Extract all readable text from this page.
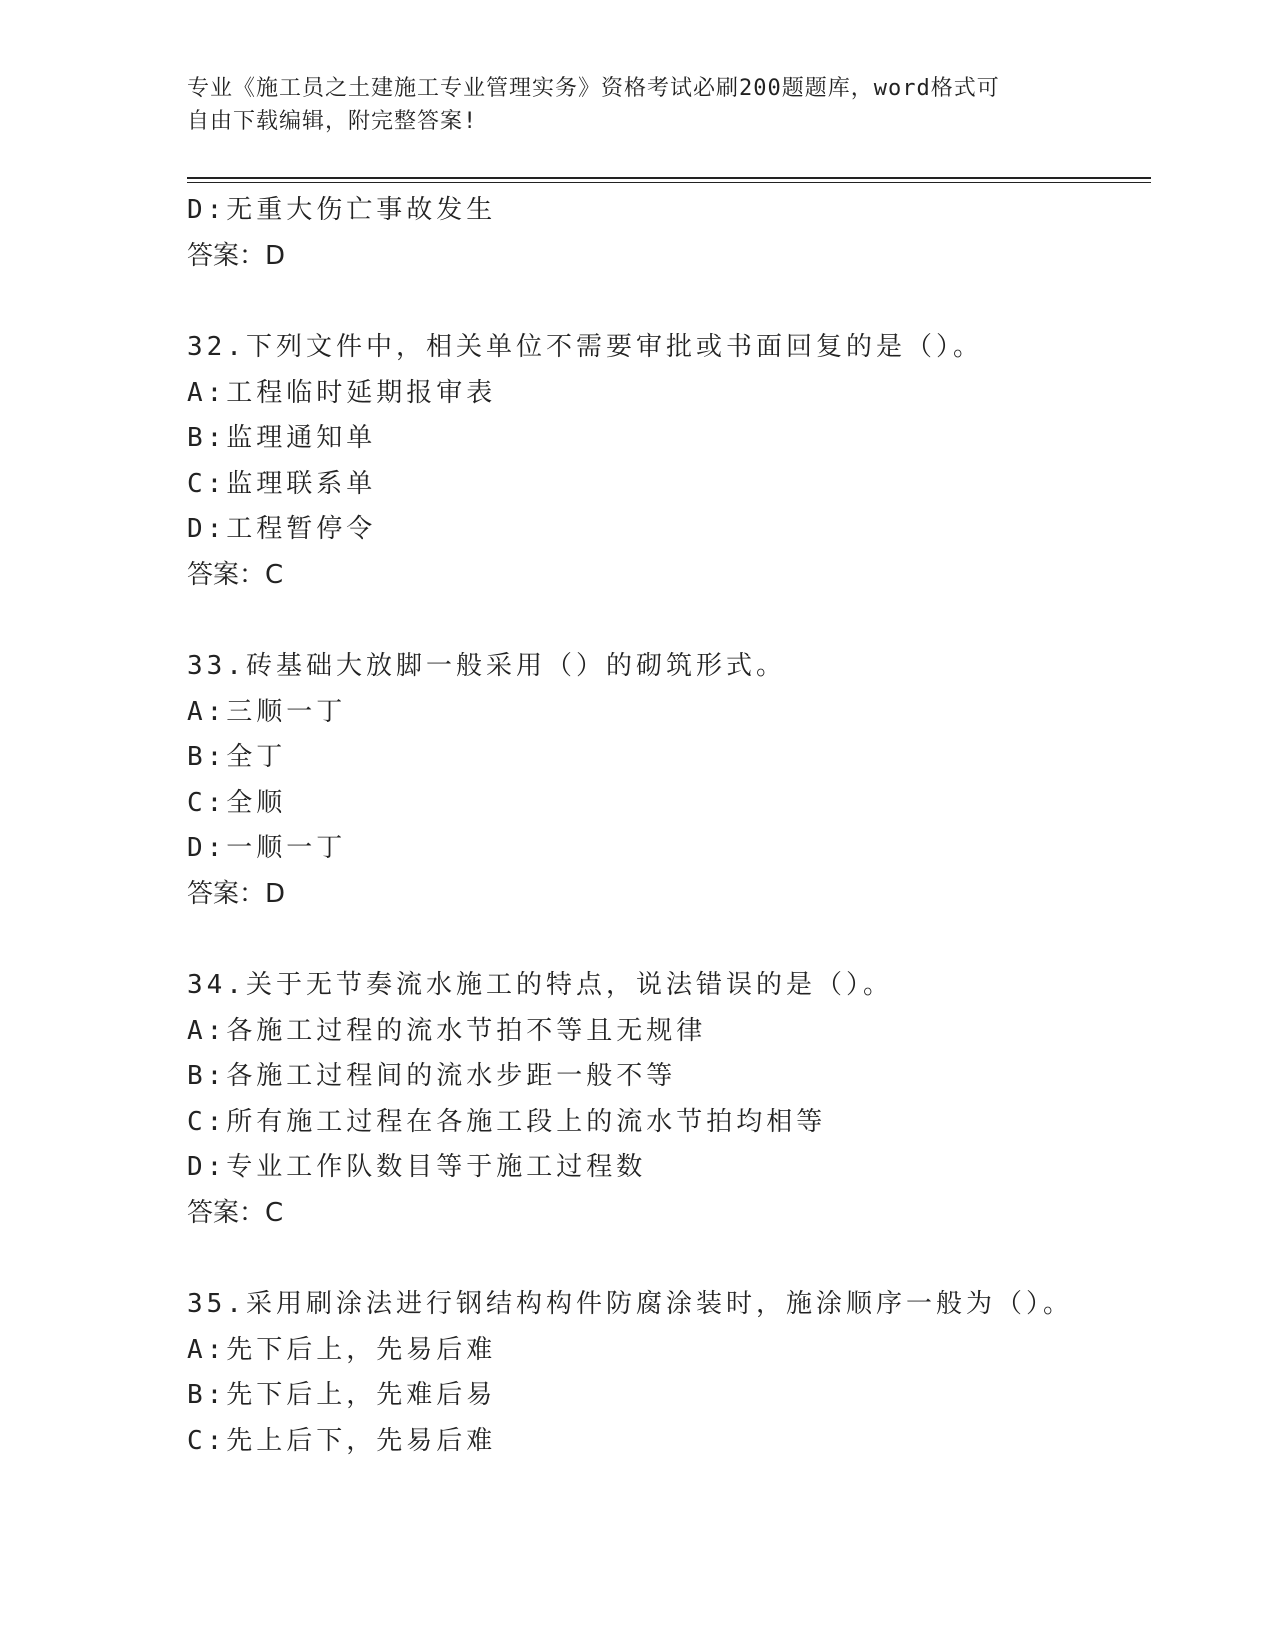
专业《施工员之土建施工专业管理实务》资格考试必刷200题题库，word格式可
自由下载编辑，附完整答案!
D:无重大伤亡事故发生
答案：D
32.下列文件中，相关单位不需要审批或书面回复的是（）。
A:工程临时延期报审表
B:监理通知单
C:监理联系单
D:工程暂停令
答案：C
33.砖基础大放脚一般采用（）的砌筑形式。
A:三顺一丁
B:全丁
C:全顺
D:一顺一丁
答案：D
34.关于无节奏流水施工的特点，说法错误的是（）。
A:各施工过程的流水节拍不等且无规律
B:各施工过程间的流水步距一般不等
C:所有施工过程在各施工段上的流水节拍均相等
D:专业工作队数目等于施工过程数
答案：C
35.采用刷涂法进行钢结构构件防腐涂装时，施涂顺序一般为（）。
A:先下后上，先易后难
B:先下后上，先难后易
C:先上后下，先易后难
